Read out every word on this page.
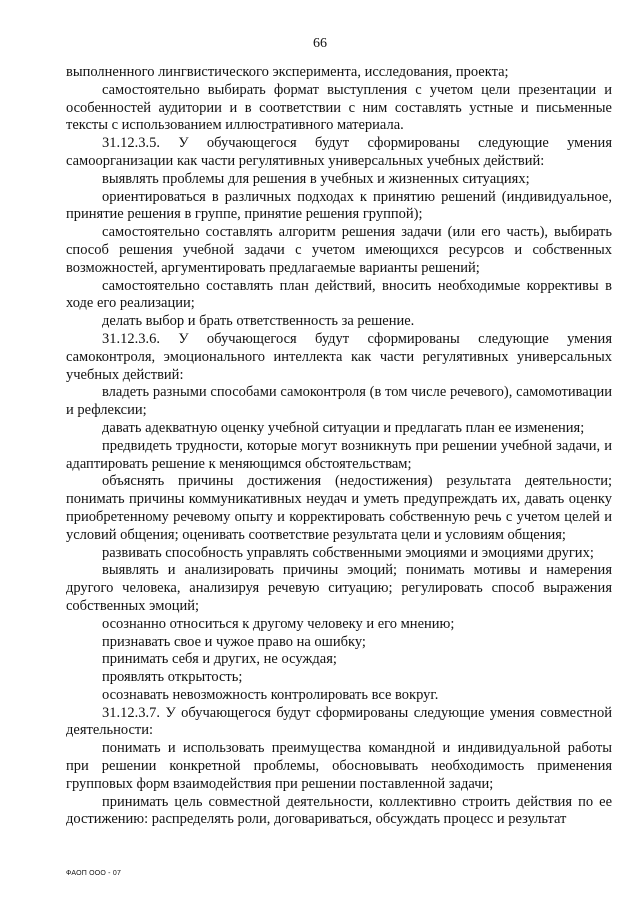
66

выполненного лингвистического эксперимента, исследования, проекта;

самостоятельно выбирать формат выступления с учетом цели презентации и особенностей аудитории и в соответствии с ним составлять устные и письменные тексты с использованием иллюстративного материала.

31.12.3.5. У обучающегося будут сформированы следующие умения самоорганизации как части регулятивных универсальных учебных действий:

выявлять проблемы для решения в учебных и жизненных ситуациях;

ориентироваться в различных подходах к принятию решений (индивидуальное, принятие решения в группе, принятие решения группой);

самостоятельно составлять алгоритм решения задачи (или его часть), выбирать способ решения учебной задачи с учетом имеющихся ресурсов и собственных возможностей, аргументировать предлагаемые варианты решений;

самостоятельно составлять план действий, вносить необходимые коррективы в ходе его реализации;

делать выбор и брать ответственность за решение.

31.12.3.6. У обучающегося будут сформированы следующие умения самоконтроля, эмоционального интеллекта как части регулятивных универсальных учебных действий:

владеть разными способами самоконтроля (в том числе речевого), самомотивации и рефлексии;

давать адекватную оценку учебной ситуации и предлагать план ее изменения;

предвидеть трудности, которые могут возникнуть при решении учебной задачи, и адаптировать решение к меняющимся обстоятельствам;

объяснять причины достижения (недостижения) результата деятельности; понимать причины коммуникативных неудач и уметь предупреждать их, давать оценку приобретенному речевому опыту и корректировать собственную речь с учетом целей и условий общения; оценивать соответствие результата цели и условиям общения;

развивать способность управлять собственными эмоциями и эмоциями других;

выявлять и анализировать причины эмоций; понимать мотивы и намерения другого человека, анализируя речевую ситуацию; регулировать способ выражения собственных эмоций;

осознанно относиться к другому человеку и его мнению;

признавать свое и чужое право на ошибку;

принимать себя и других, не осуждая;

проявлять открытость;

осознавать невозможность контролировать все вокруг.

31.12.3.7. У обучающегося будут сформированы следующие умения совместной деятельности:

понимать и использовать преимущества командной и индивидуальной работы при решении конкретной проблемы, обосновывать необходимость применения групповых форм взаимодействия при решении поставленной задачи;

принимать цель совместной деятельности, коллективно строить действия по ее достижению: распределять роли, договариваться, обсуждать процесс и результат

ФАОП ООО - 07
